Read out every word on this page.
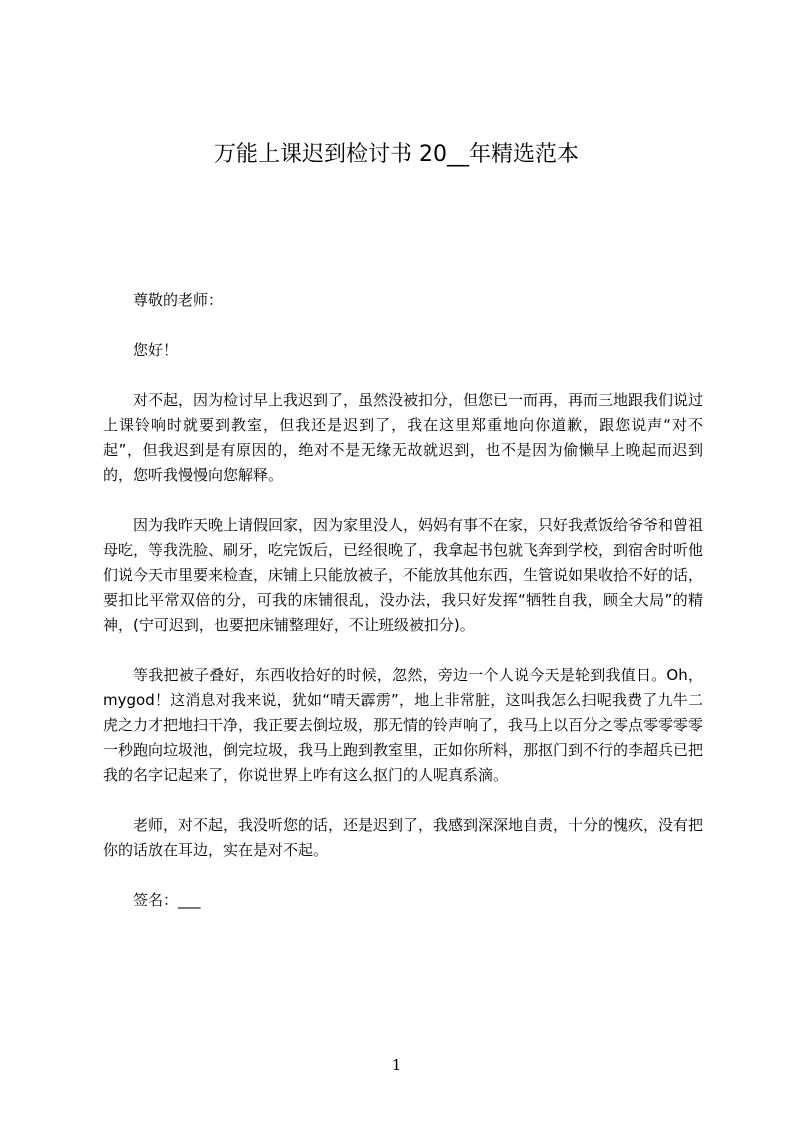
万能上课迟到检讨书 20__年精选范本

尊敬的老师：

您好！

对不起，因为检讨早上我迟到了，虽然没被扣分，但您已一而再，再而三地跟我们说过上课铃响时就要到教室，但我还是迟到了，我在这里郑重地向你道歉，跟您说声“对不起”，但我迟到是有原因的，绝对不是无缘无故就迟到，也不是因为偷懒早上晚起而迟到的，您听我慢慢向您解释。

因为我昨天晚上请假回家，因为家里没人，妈妈有事不在家，只好我煮饭给爷爷和曾祖母吃，等我洗脸、刷牙，吃完饭后，已经很晚了，我拿起书包就飞奔到学校，到宿舍时听他们说今天市里要来检查，床铺上只能放被子，不能放其他东西，生管说如果收拾不好的话，要扣比平常双倍的分，可我的床铺很乱，没办法，我只好发挥“牺牲自我，顾全大局”的精神，(宁可迟到，也要把床铺整理好，不让班级被扣分)。

等我把被子叠好，东西收拾好的时候，忽然，旁边一个人说今天是轮到我值日。Oh，mygod！这消息对我来说，犹如“晴天霹雳”，地上非常脏，这叫我怎么扫呢我费了九牛二虎之力才把地扫干净，我正要去倒垃圾，那无情的铃声响了，我马上以百分之零点零零零零一秒跑向垃圾池，倒完垃圾，我马上跑到教室里，正如你所料，那抠门到不行的李超兵已把我的名字记起来了，你说世界上咋有这么抠门的人呢真系滴。

老师，对不起，我没听您的话，还是迟到了，我感到深深地自责，十分的愧疚，没有把你的话放在耳边，实在是对不起。

签名：___

1
